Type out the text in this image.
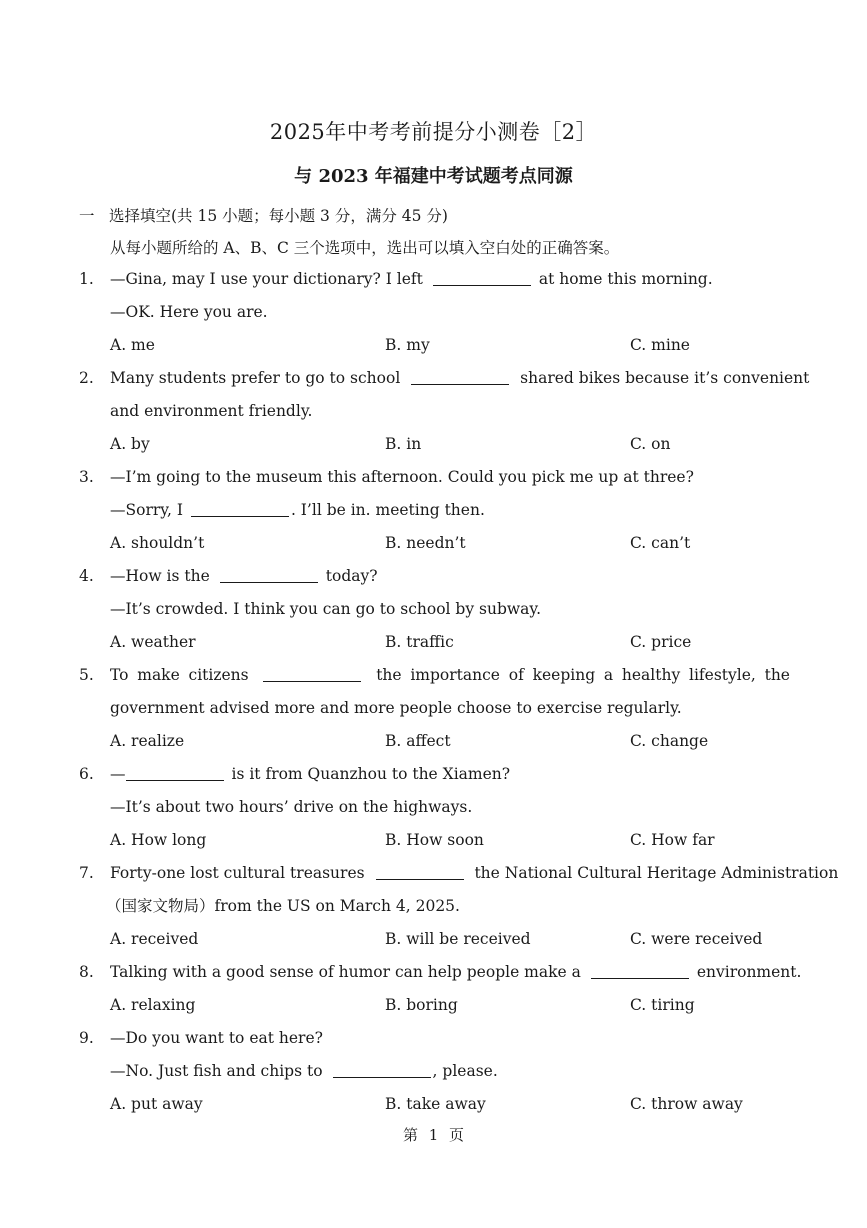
2025年中考考前提分小测卷［2］
与 2023 年福建中考试题考点同源
一 选择填空(共 15 小题；每小题 3 分，满分 45 分)
从每小题所给的 A、B、C 三个选项中，选出可以填入空白处的正确答案。
1. —Gina, may I use your dictionary? I left	at home this morning.
—OK. Here you are.
A. me	B. my	C. mine
2. Many students prefer to go to school	shared bikes because it’s convenient
and environment friendly.
A. by	B. in	C. on
3. —I’m going to the museum this afternoon. Could you pick me up at three?
—Sorry, I	. I’ll be in. meeting then.
A. shouldn’t	B. needn’t	C. can’t
4. —How is the	today?
—It’s crowded. I think you can go to school by subway.
A. weather	B. traffic	C. price
5. To make citizens	the importance of keeping a healthy lifestyle, the
government advised more and more people choose to exercise regularly.
A. realize	B. affect	C. change
6. —	is it from Quanzhou to the Xiamen?
—It’s about two hours’ drive on the highways.
A. How long	B. How soon	C. How far
7. Forty-one lost cultural treasures	the National Cultural Heritage Administration
（国家文物局）from the US on March 4, 2025.
A. received	B. will be received	C. were received
8. Talking with a good sense of humor can help people make a	environment.
A. relaxing	B. boring	C. tiring
9. —Do you want to eat here?
—No. Just fish and chips to	, please.
A. put away	B. take away	C. throw away
第 1 页
